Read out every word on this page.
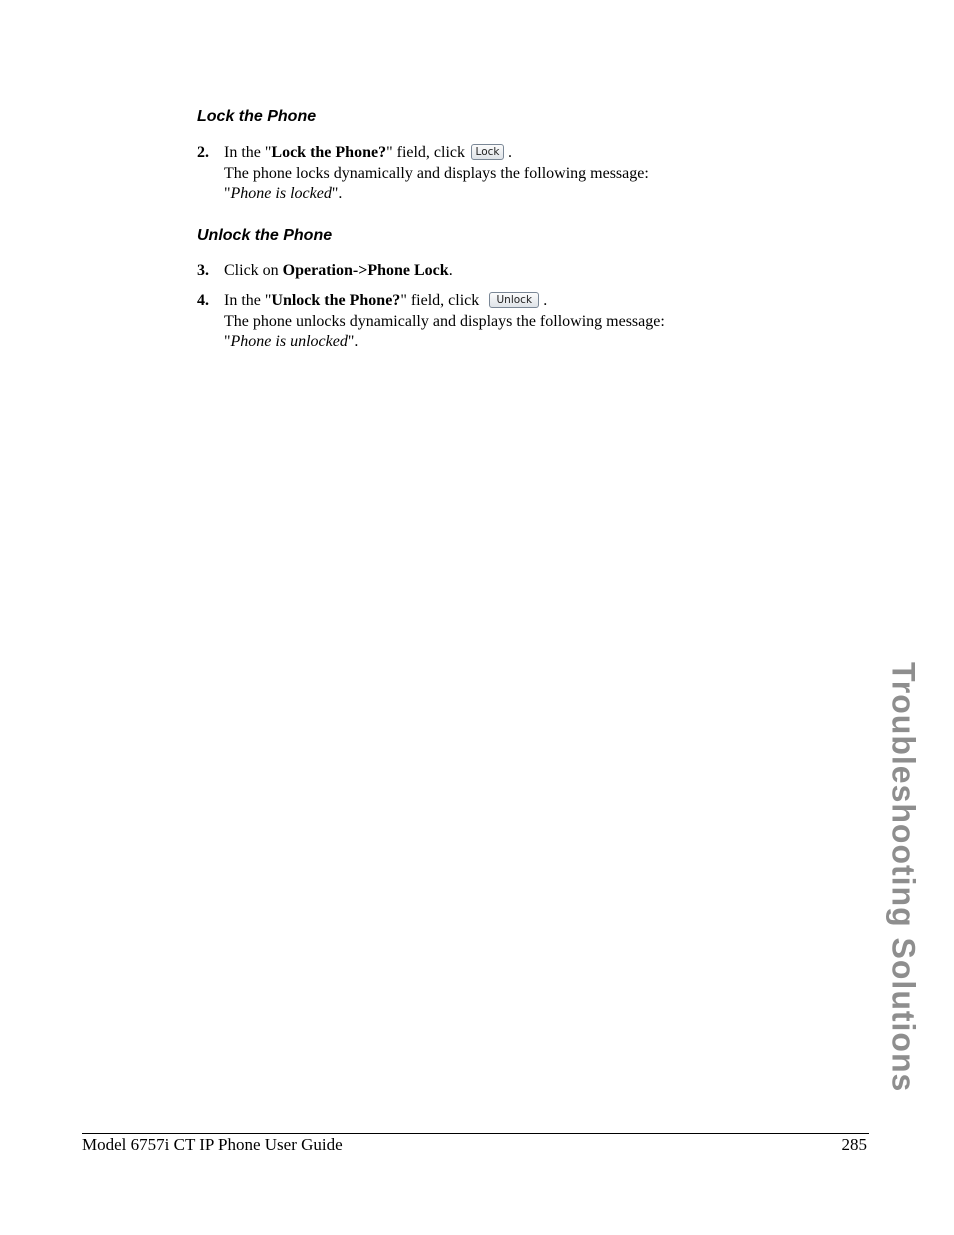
Lock the Phone
2. In the "Lock the Phone?" field, click Lock .
The phone locks dynamically and displays the following message:
"Phone is locked".
Unlock the Phone
3. Click on Operation->Phone Lock.
4. In the "Unlock the Phone?" field, click Unlock .
The phone unlocks dynamically and displays the following message:
"Phone is unlocked".
Troubleshooting Solutions
Model 6757i CT IP Phone User Guide	285
